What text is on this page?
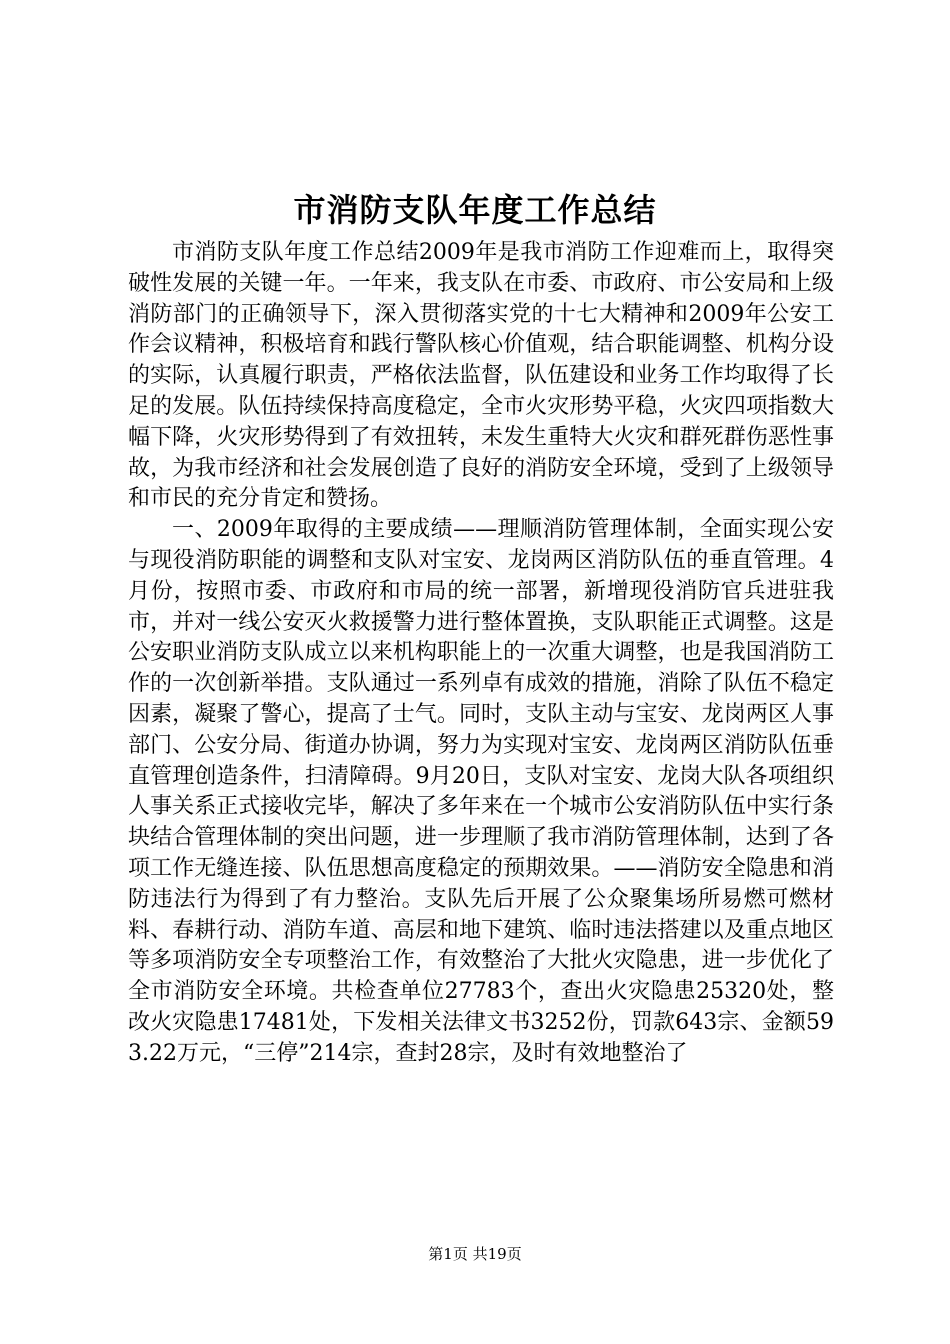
市消防支队年度工作总结

市消防支队年度工作总结2009年是我市消防工作迎难而上，取得突破性发展的关键一年。一年来，我支队在市委、市政府、市公安局和上级消防部门的正确领导下，深入贯彻落实党的十七大精神和2009年公安工作会议精神，积极培育和践行警队核心价值观，结合职能调整、机构分设的实际，认真履行职责，严格依法监督，队伍建设和业务工作均取得了长足的发展。队伍持续保持高度稳定，全市火灾形势平稳，火灾四项指数大幅下降，火灾形势得到了有效扭转，未发生重特大火灾和群死群伤恶性事故，为我市经济和社会发展创造了良好的消防安全环境，受到了上级领导和市民的充分肯定和赞扬。

一、2009年取得的主要成绩——理顺消防管理体制，全面实现公安与现役消防职能的调整和支队对宝安、龙岗两区消防队伍的垂直管理。4月份，按照市委、市政府和市局的统一部署，新增现役消防官兵进驻我市，并对一线公安灭火救援警力进行整体置换，支队职能正式调整。这是公安职业消防支队成立以来机构职能上的一次重大调整，也是我国消防工作的一次创新举措。支队通过一系列卓有成效的措施，消除了队伍不稳定因素，凝聚了警心，提高了士气。同时，支队主动与宝安、龙岗两区人事部门、公安分局、街道办协调，努力为实现对宝安、龙岗两区消防队伍垂直管理创造条件，扫清障碍。9月20日，支队对宝安、龙岗大队各项组织人事关系正式接收完毕，解决了多年来在一个城市公安消防队伍中实行条块结合管理体制的突出问题，进一步理顺了我市消防管理体制，达到了各项工作无缝连接、队伍思想高度稳定的预期效果。——消防安全隐患和消防违法行为得到了有力整治。支队先后开展了公众聚集场所易燃可燃材料、春耕行动、消防车道、高层和地下建筑、临时违法搭建以及重点地区等多项消防安全专项整治工作，有效整治了大批火灾隐患，进一步优化了全市消防安全环境。共检查单位27783个，查出火灾隐患25320处，整改火灾隐患17481处，下发相关法律文书3252份，罚款643宗、金额593.22万元，“三停”214宗，查封28宗，及时有效地整治了

第1页 共19页
